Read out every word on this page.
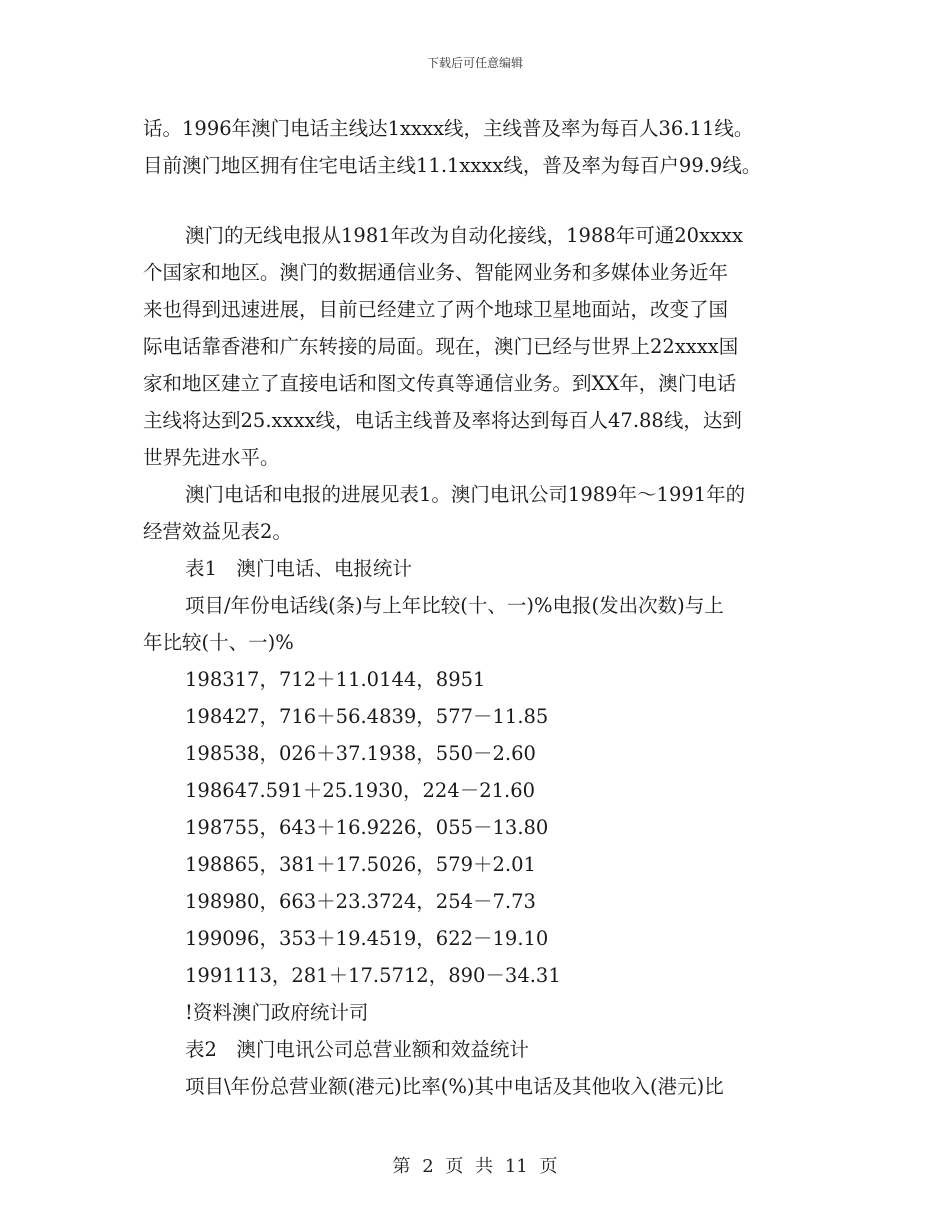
下载后可任意编辑

话。1996年澳门电话主线达1xxxx线，主线普及率为每百人36.11线。

目前澳门地区拥有住宅电话主线11.1xxxx线，普及率为每百户99.9线。

澳门的无线电报从1981年改为自动化接线，1988年可通20xxxx

个国家和地区。澳门的数据通信业务、智能网业务和多媒体业务近年

来也得到迅速进展，目前已经建立了两个地球卫星地面站，改变了国

际电话靠香港和广东转接的局面。现在，澳门已经与世界上22xxxx国

家和地区建立了直接电话和图文传真等通信业务。到XX年，澳门电话

主线将达到25.xxxx线，电话主线普及率将达到每百人47.88线，达到

世界先进水平。

澳门电话和电报的进展见表1。澳门电讯公司1989年～1991年的

经营效益见表2。

表1　澳门电话、电报统计

项目/年份电话线(条)与上年比较(十、一)%电报(发出次数)与上

年比较(十、一)%

198317，712＋11.0144，8951

198427，716＋56.4839，577－11.85

198538，026＋37.1938，550－2.60

198647.591＋25.1930，224－21.60

198755，643＋16.9226，055－13.80

198865，381＋17.5026，579＋2.01

198980，663＋23.3724，254－7.73

199096，353＋19.4519，622－19.10

1991113，281＋17.5712，890－34.31

!资料澳门政府统计司

表2　澳门电讯公司总营业额和效益统计

项目\年份总营业额(港元)比率(%)其中电话及其他收入(港元)比

第 2 页 共 11 页
